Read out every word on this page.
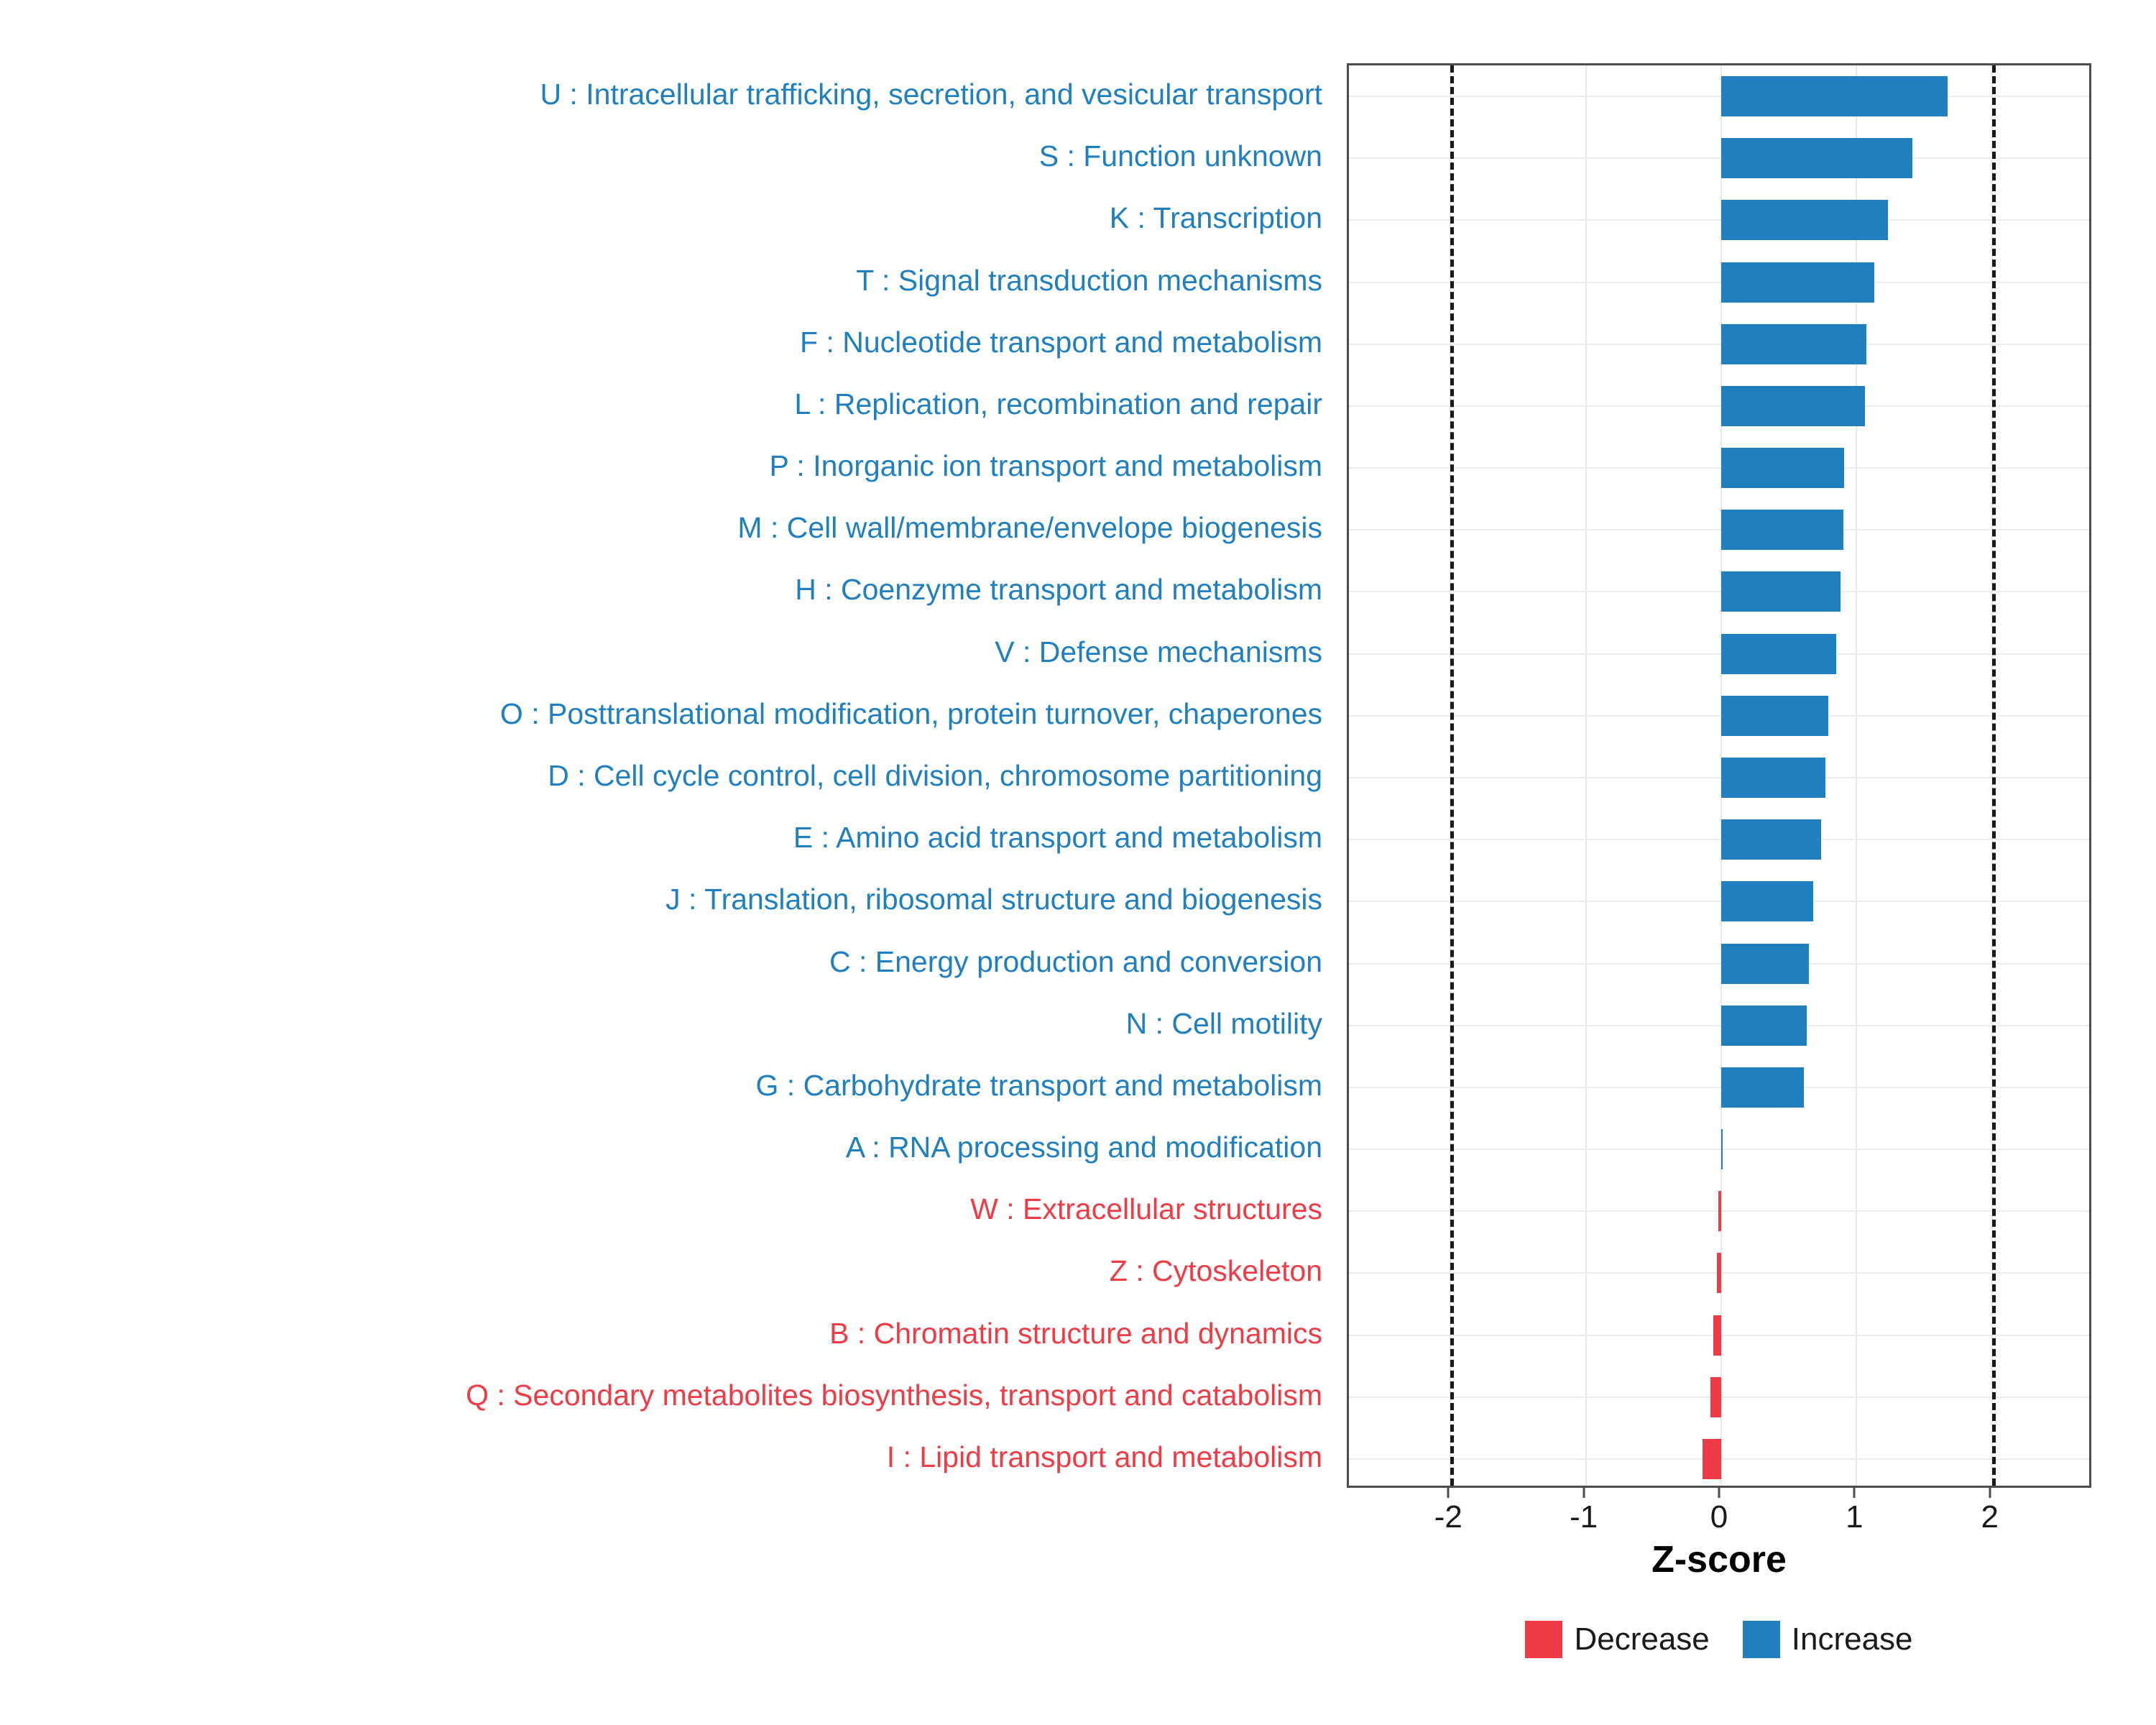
U : Intracellular trafficking, secretion, and vesicular transport
S : Function unknown
K : Transcription
T : Signal transduction mechanisms
F : Nucleotide transport and metabolism
L : Replication, recombination and repair
P : Inorganic ion transport and metabolism
M : Cell wall/membrane/envelope biogenesis
H : Coenzyme transport and metabolism
V : Defense mechanisms
O : Posttranslational modification, protein turnover, chaperones
D : Cell cycle control, cell division, chromosome partitioning
E : Amino acid transport and metabolism
J : Translation, ribosomal structure and biogenesis
C : Energy production and conversion
N : Cell motility
G : Carbohydrate transport and metabolism
A : RNA processing and modification
W : Extracellular structures
Z : Cytoskeleton
B : Chromatin structure and dynamics
Q : Secondary metabolites biosynthesis, transport and catabolism
I : Lipid transport and metabolism
-2	-1	0	1	2
Z-score
Decrease	Increase
